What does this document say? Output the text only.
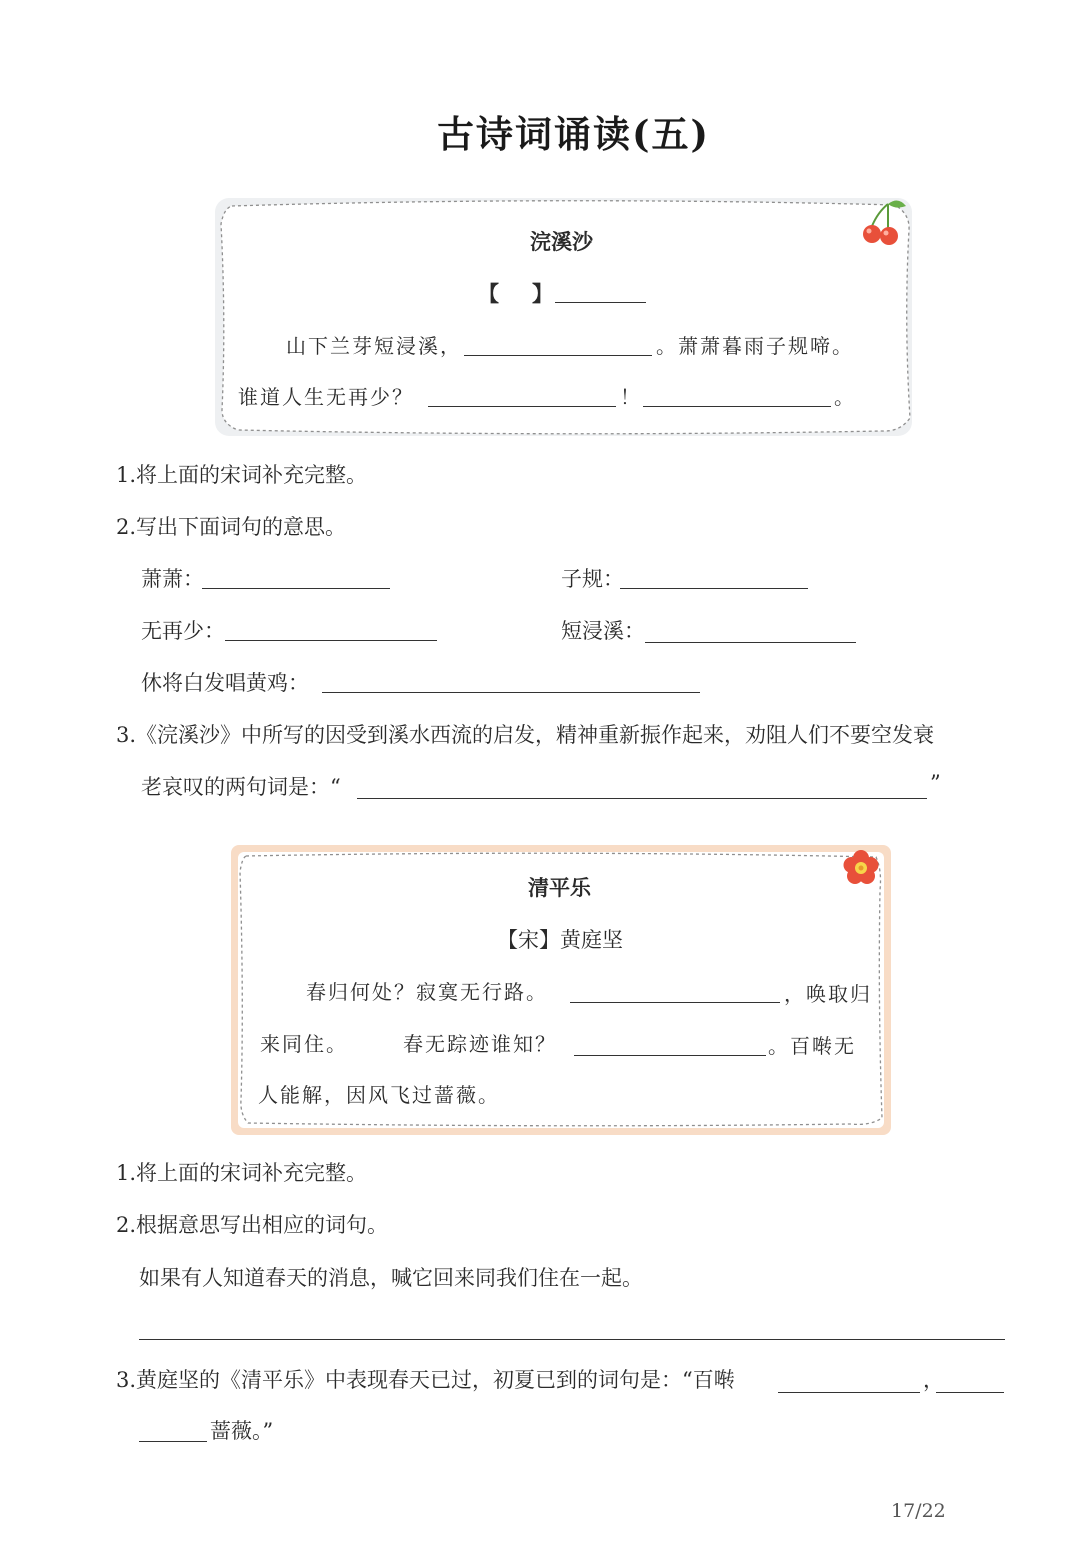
古诗词诵读(五)
浣溪沙
【 】
山下兰芽短浸溪，	。萧萧暮雨子规啼。
谁道人生无再少？	！	。
1.将上面的宋词补充完整。
2.写出下面词句的意思。
萧萧：	子规：
无再少：	短浸溪：
休将白发唱黄鸡：
3.《浣溪沙》中所写的因受到溪水西流的启发，精神重新振作起来，劝阻人们不要空发衰
老哀叹的两句词是：“	”
清平乐
【宋】黄庭坚
春归何处？寂寞无行路。	，唤取归
来同住。	春无踪迹谁知？	。百啭无
人能解，因风飞过蔷薇。
1.将上面的宋词补充完整。
2.根据意思写出相应的词句。
如果有人知道春天的消息，喊它回来同我们住在一起。
3.黄庭坚的《清平乐》中表现春天已过，初夏已到的词句是：“百啭	，
蔷薇。”
17/22
